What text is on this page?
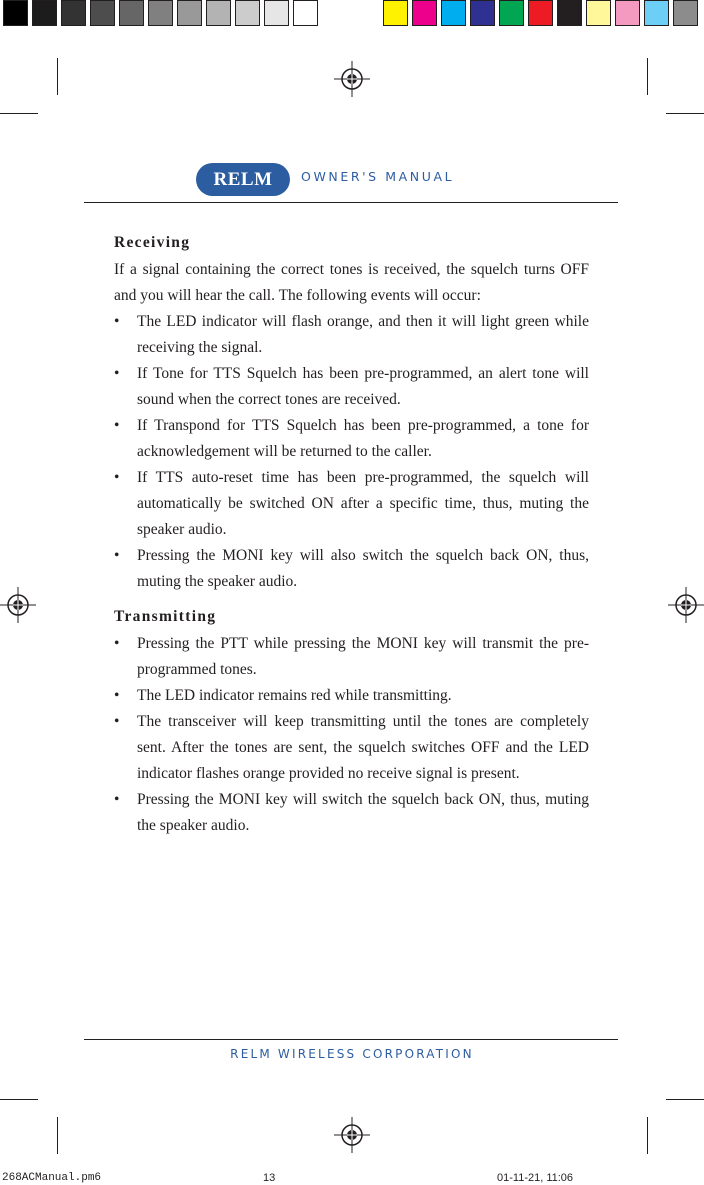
RELM OWNER'S MANUAL

Receiving

If a signal containing the correct tones is received, the squelch turns OFF and you will hear the call. The following events will occur:

• The LED indicator will flash orange, and then it will light green while receiving the signal.
• If Tone for TTS Squelch has been pre-programmed, an alert tone will sound when the correct tones are received.
• If Transpond for TTS Squelch has been pre-programmed, a tone for acknowledgement will be returned to the caller.
• If TTS auto-reset time has been pre-programmed, the squelch will automatically be switched ON after a specific time, thus, muting the speaker audio.
• Pressing the MONI key will also switch the squelch back ON, thus, muting the speaker audio.

Transmitting

• Pressing the PTT while pressing the MONI key will transmit the pre-programmed tones.
• The LED indicator remains red while transmitting.
• The transceiver will keep transmitting until the tones are completely sent. After the tones are sent, the squelch switches OFF and the LED indicator flashes orange provided no receive signal is present.
• Pressing the MONI key will switch the squelch back ON, thus, muting the speaker audio.
RELM WIRELESS CORPORATION
268ACManual.pm6	13	01-11-21, 11:06
